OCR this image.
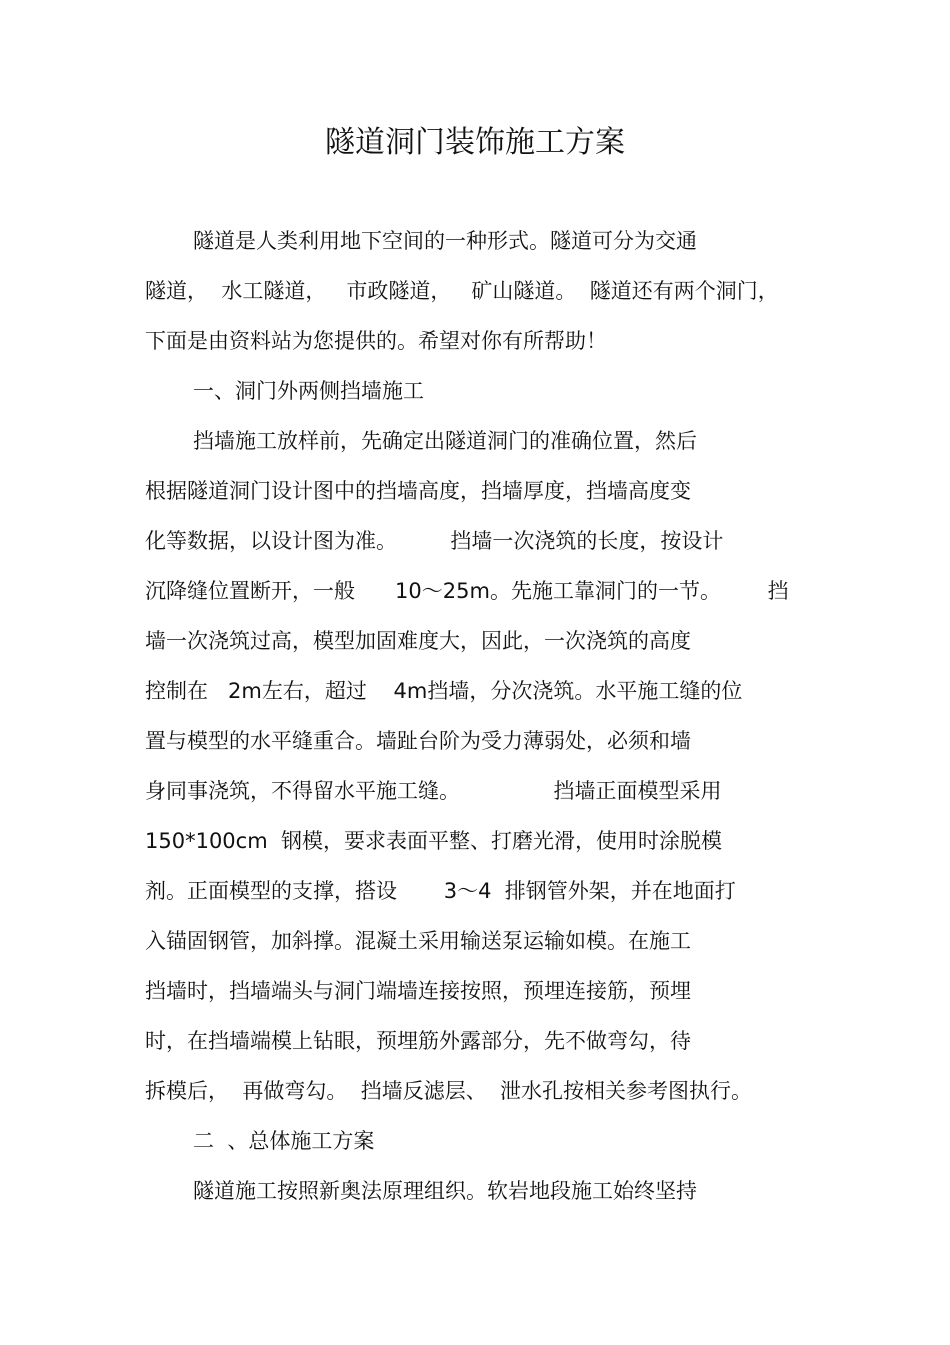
隧道洞门装饰施工方案
隧道是人类利用地下空间的一种形式。隧道可分为交通
隧道，  水工隧道，   市政隧道，   矿山隧道。  隧道还有两个洞门，
下面是由资料站为您提供的。希望对你有所帮助！
一、洞门外两侧挡墙施工
挡墙施工放样前，先确定出隧道洞门的准确位置，然后
根据隧道洞门设计图中的挡墙高度，挡墙厚度，挡墙高度变
化等数据，以设计图为准。        挡墙一次浇筑的长度，按设计
沉降缝位置断开，一般      10～25m。先施工靠洞门的一节。       挡
墙一次浇筑过高，模型加固难度大，因此，一次浇筑的高度
控制在   2m左右，超过    4m挡墙，分次浇筑。水平施工缝的位
置与模型的水平缝重合。墙趾台阶为受力薄弱处，必须和墙
身同事浇筑，不得留水平施工缝。              挡墙正面模型采用
150*100cm  钢模，要求表面平整、打磨光滑，使用时涂脱模
剂。正面模型的支撑，搭设       3～4  排钢管外架，并在地面打
入锚固钢管，加斜撑。混凝土采用输送泵运输如模。在施工
挡墙时，挡墙端头与洞门端墙连接按照，预埋连接筋，预埋
时，在挡墙端模上钻眼，预埋筋外露部分，先不做弯勾，待
拆模后，  再做弯勾。  挡墙反滤层、  泄水孔按相关参考图执行。
二  、总体施工方案
隧道施工按照新奥法原理组织。软岩地段施工始终坚持
